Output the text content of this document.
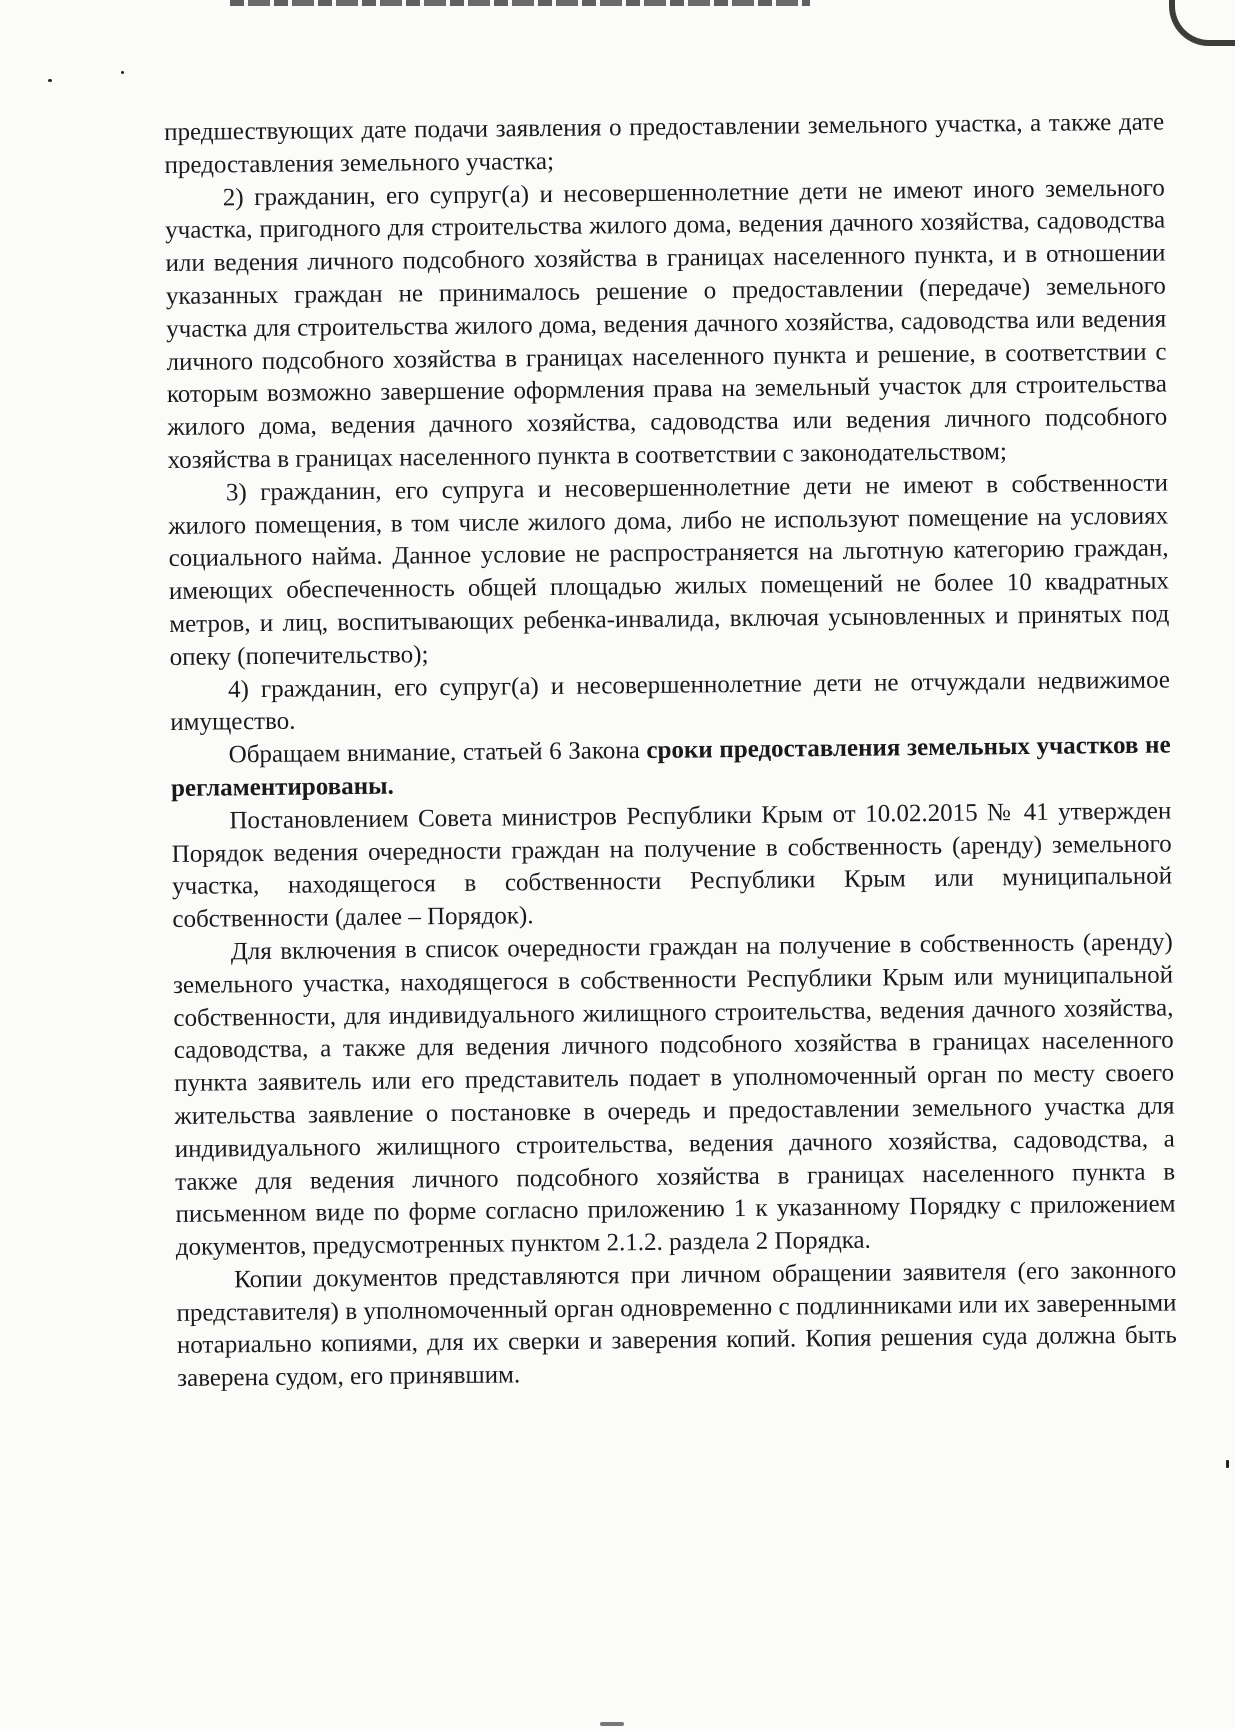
предшествующих дате подачи заявления о предоставлении земельного участка, а также дате предоставления земельного участка;

2) гражданин, его супруг(а) и несовершеннолетние дети не имеют иного земельного участка, пригодного для строительства жилого дома, ведения дачного хозяйства, садоводства или ведения личного подсобного хозяйства в границах населенного пункта, и в отношении указанных граждан не принималось решение о предоставлении (передаче) земельного участка для строительства жилого дома, ведения дачного хозяйства, садоводства или ведения личного подсобного хозяйства в границах населенного пункта и решение, в соответствии с которым возможно завершение оформления права на земельный участок для строительства жилого дома, ведения дачного хозяйства, садоводства или ведения личного подсобного хозяйства в границах населенного пункта в соответствии с законодательством;

3) гражданин, его супруга и несовершеннолетние дети не имеют в собственности жилого помещения, в том числе жилого дома, либо не используют помещение на условиях социального найма. Данное условие не распространяется на льготную категорию граждан, имеющих обеспеченность общей площадью жилых помещений не более 10 квадратных метров, и лиц, воспитывающих ребенка-инвалида, включая усыновленных и принятых под опеку (попечительство);

4) гражданин, его супруг(а) и несовершеннолетние дети не отчуждали недвижимое имущество.

Обращаем внимание, статьей 6 Закона сроки предоставления земельных участков не регламентированы.

Постановлением Совета министров Республики Крым от 10.02.2015 № 41 утвержден Порядок ведения очередности граждан на получение в собственность (аренду) земельного участка, находящегося в собственности Республики Крым или муниципальной собственности (далее – Порядок).

Для включения в список очередности граждан на получение в собственность (аренду) земельного участка, находящегося в собственности Республики Крым или муниципальной собственности, для индивидуального жилищного строительства, ведения дачного хозяйства, садоводства, а также для ведения личного подсобного хозяйства в границах населенного пункта заявитель или его представитель подает в уполномоченный орган по месту своего жительства заявление о постановке в очередь и предоставлении земельного участка для индивидуального жилищного строительства, ведения дачного хозяйства, садоводства, а также для ведения личного подсобного хозяйства в границах населенного пункта в письменном виде по форме согласно приложению 1 к указанному Порядку с приложением документов, предусмотренных пунктом 2.1.2. раздела 2 Порядка.

Копии документов представляются при личном обращении заявителя (его законного представителя) в уполномоченный орган одновременно с подлинниками или их заверенными нотариально копиями, для их сверки и заверения копий. Копия решения суда должна быть заверена судом, его принявшим.
